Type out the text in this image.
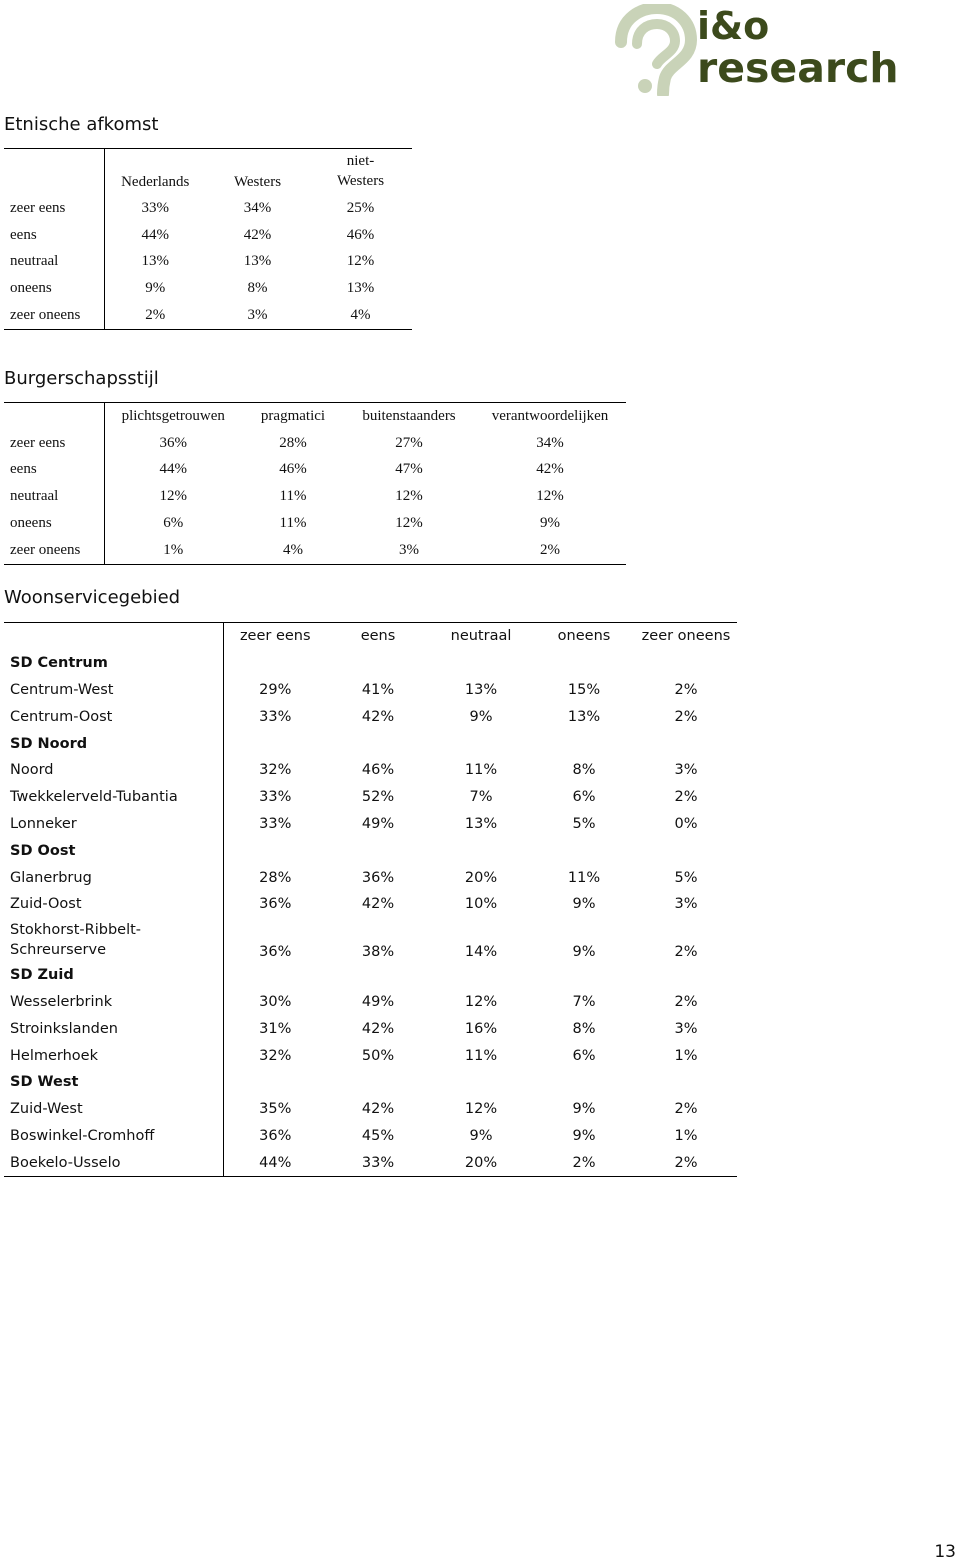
i&o
research
Etnische afkomst
	Nederlands	Westers	niet-
Westers
zeer eens	33%	34%	25%
eens	44%	42%	46%
neutraal	13%	13%	12%
oneens	9%	8%	13%
zeer oneens	2%	3%	4%
Burgerschapsstijl
	plichtsgetrouwen	pragmatici	buitenstaanders	verantwoordelijken
zeer eens	36%	28%	27%	34%
eens	44%	46%	47%	42%
neutraal	12%	11%	12%	12%
oneens	6%	11%	12%	9%
zeer oneens	1%	4%	3%	2%
Woonservicegebied
	zeer eens	eens	neutraal	oneens	zeer oneens
SD Centrum					
Centrum-West	29%	41%	13%	15%	2%
Centrum-Oost	33%	42%	9%	13%	2%
SD Noord					
Noord	32%	46%	11%	8%	3%
Twekkelerveld-Tubantia	33%	52%	7%	6%	2%
Lonneker	33%	49%	13%	5%	0%
SD Oost					
Glanerbrug	28%	36%	20%	11%	5%
Zuid-Oost	36%	42%	10%	9%	3%
Stokhorst-Ribbelt-
Schreurserve	36%	38%	14%	9%	2%
SD Zuid					
Wesselerbrink	30%	49%	12%	7%	2%
Stroinkslanden	31%	42%	16%	8%	3%
Helmerhoek	32%	50%	11%	6%	1%
SD West					
Zuid-West	35%	42%	12%	9%	2%
Boswinkel-Cromhoff	36%	45%	9%	9%	1%
Boekelo-Usselo	44%	33%	20%	2%	2%
13
